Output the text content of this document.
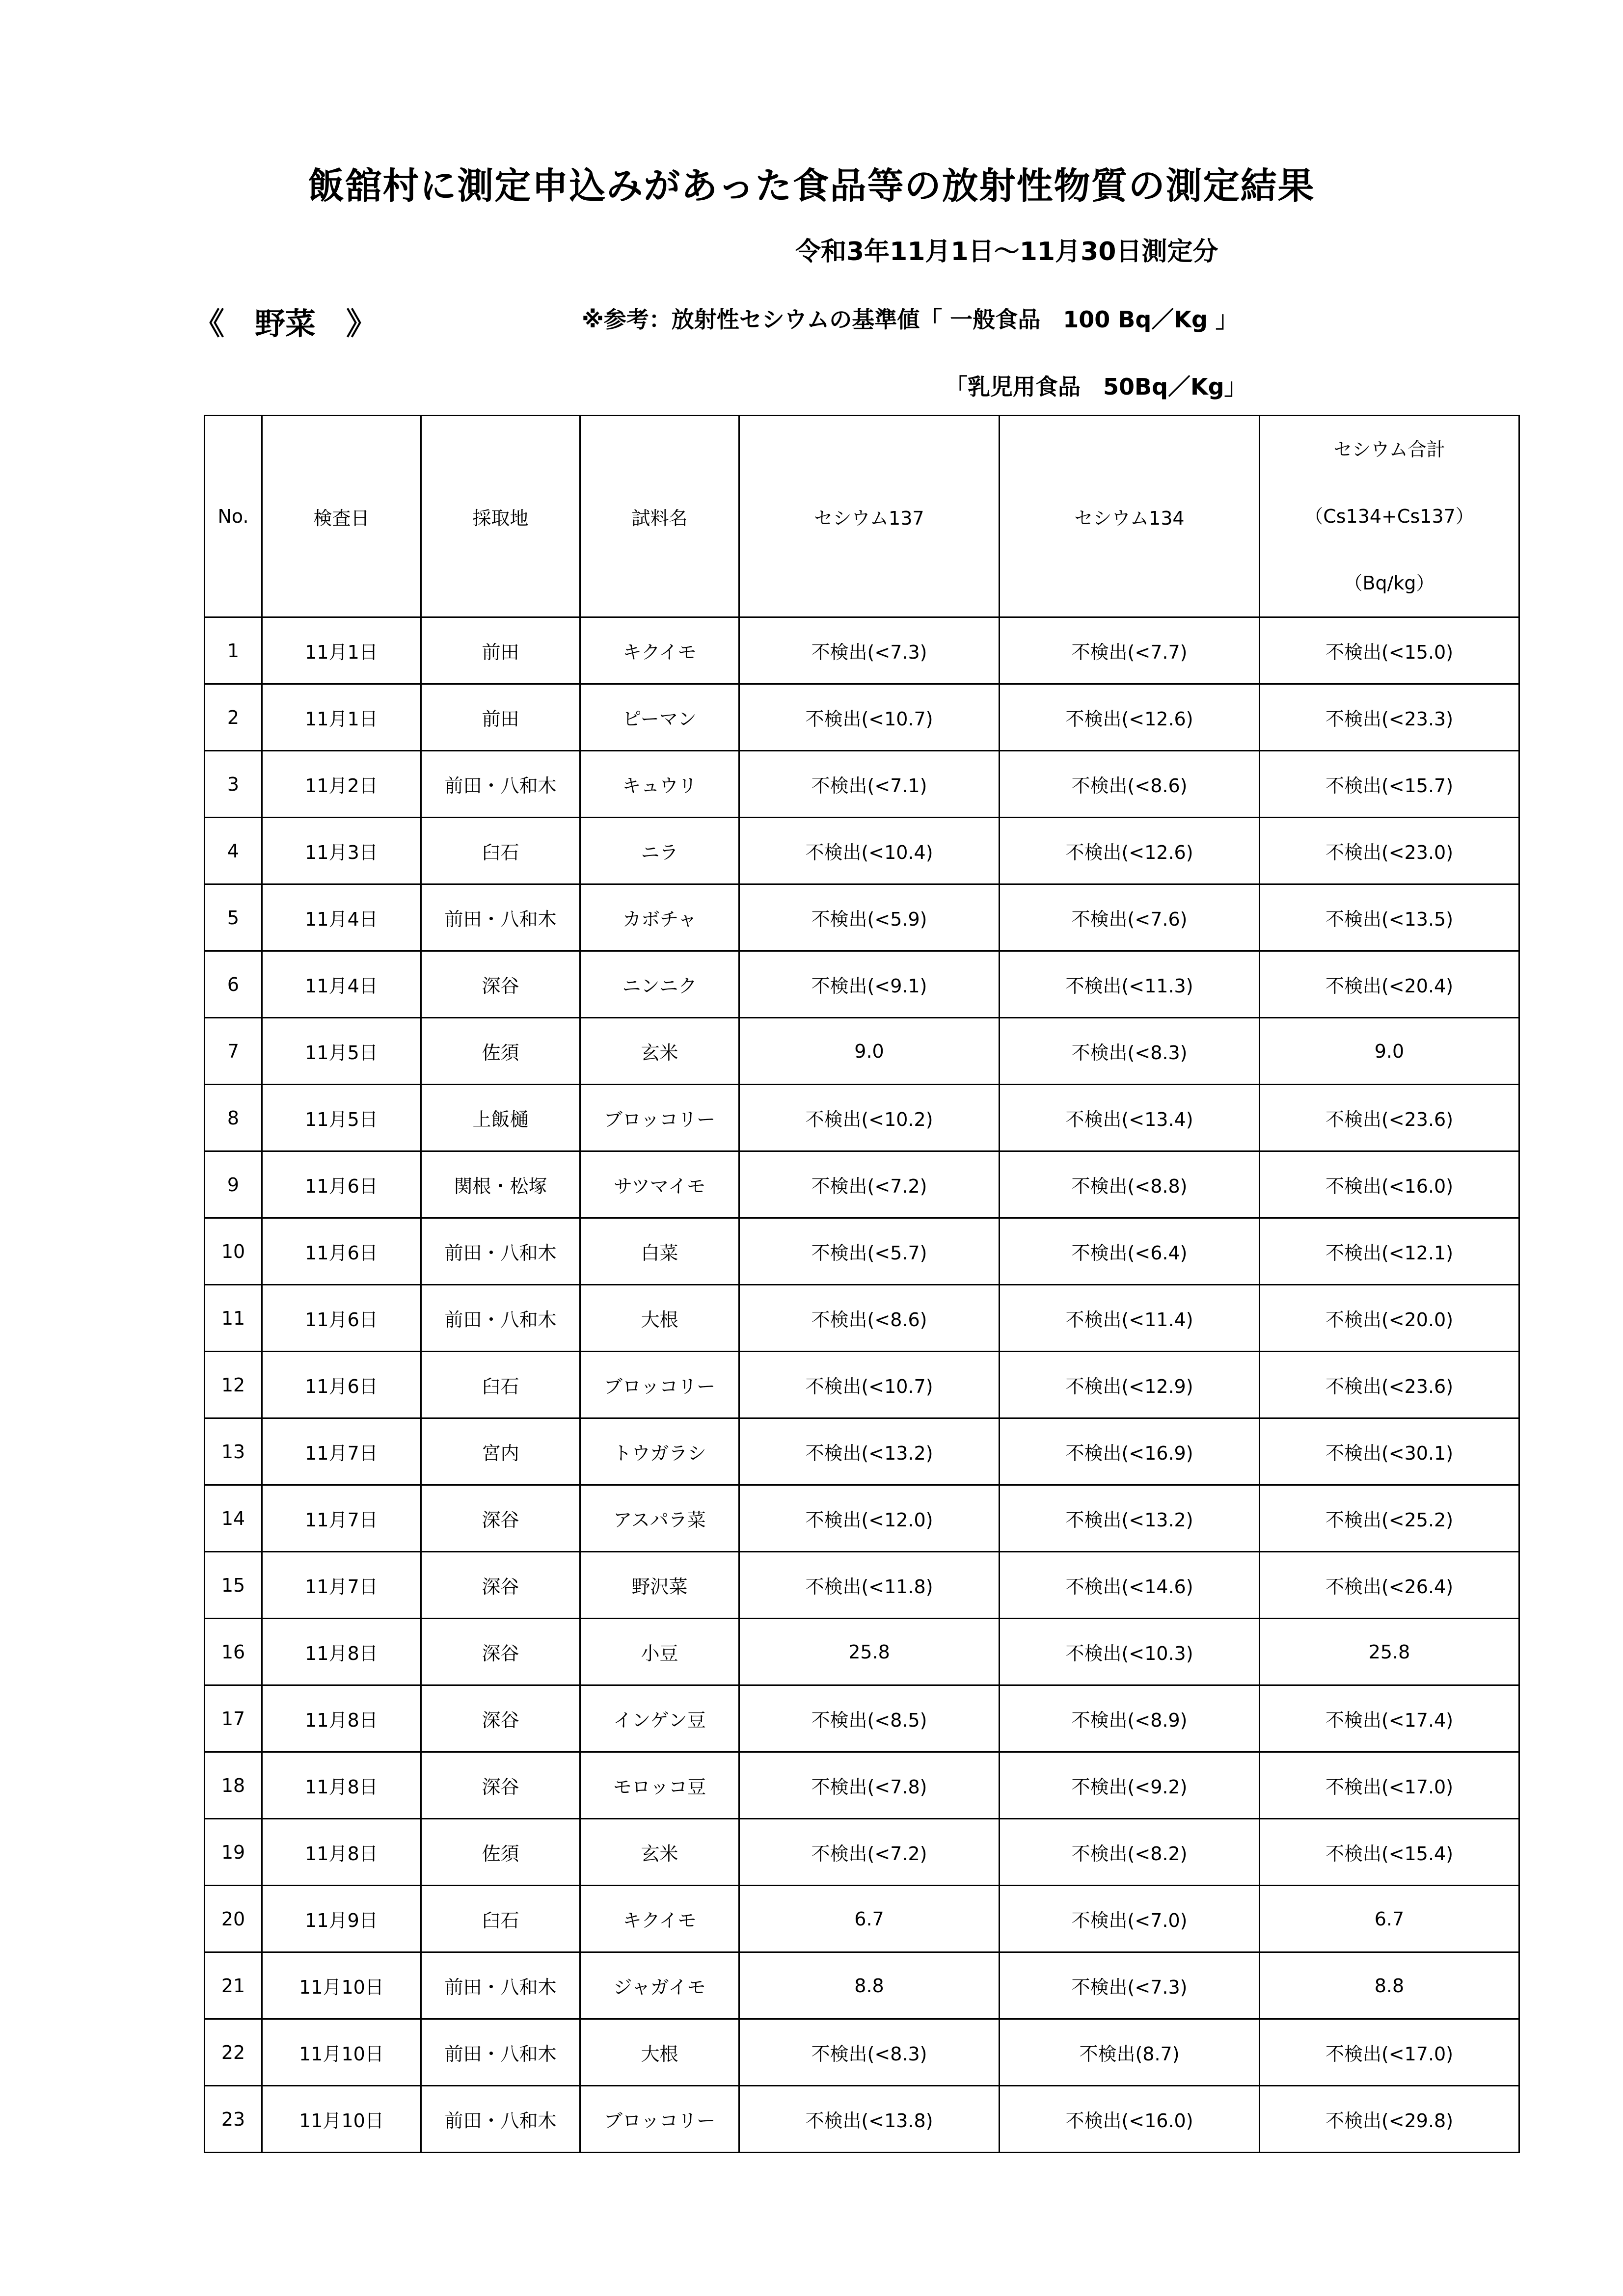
飯舘村に測定申込みがあった食品等の放射性物質の測定結果
令和3年11月1日～11月30日測定分
《　野菜　》	※参考：放射性セシウムの基準値「 一般食品　100 Bq／Kg 」
「乳児用食品　50Bq／Kg」
No.	検査日	採取地	試料名	セシウム137	セシウム134	セシウム合計
（Cs134+Cs137）
（Bq/kg）

1	11月1日	前田	キクイモ	不検出(<7.3)	不検出(<7.7)	不検出(<15.0)
2	11月1日	前田	ピーマン	不検出(<10.7)	不検出(<12.6)	不検出(<23.3)
3	11月2日	前田・八和木	キュウリ	不検出(<7.1)	不検出(<8.6)	不検出(<15.7)
4	11月3日	臼石	ニラ	不検出(<10.4)	不検出(<12.6)	不検出(<23.0)
5	11月4日	前田・八和木	カボチャ	不検出(<5.9)	不検出(<7.6)	不検出(<13.5)
6	11月4日	深谷	ニンニク	不検出(<9.1)	不検出(<11.3)	不検出(<20.4)
7	11月5日	佐須	玄米	9.0	不検出(<8.3)	9.0
8	11月5日	上飯樋	ブロッコリー	不検出(<10.2)	不検出(<13.4)	不検出(<23.6)
9	11月6日	関根・松塚	サツマイモ	不検出(<7.2)	不検出(<8.8)	不検出(<16.0)
10	11月6日	前田・八和木	白菜	不検出(<5.7)	不検出(<6.4)	不検出(<12.1)
11	11月6日	前田・八和木	大根	不検出(<8.6)	不検出(<11.4)	不検出(<20.0)
12	11月6日	臼石	ブロッコリー	不検出(<10.7)	不検出(<12.9)	不検出(<23.6)
13	11月7日	宮内	トウガラシ	不検出(<13.2)	不検出(<16.9)	不検出(<30.1)
14	11月7日	深谷	アスパラ菜	不検出(<12.0)	不検出(<13.2)	不検出(<25.2)
15	11月7日	深谷	野沢菜	不検出(<11.8)	不検出(<14.6)	不検出(<26.4)
16	11月8日	深谷	小豆	25.8	不検出(<10.3)	25.8
17	11月8日	深谷	インゲン豆	不検出(<8.5)	不検出(<8.9)	不検出(<17.4)
18	11月8日	深谷	モロッコ豆	不検出(<7.8)	不検出(<9.2)	不検出(<17.0)
19	11月8日	佐須	玄米	不検出(<7.2)	不検出(<8.2)	不検出(<15.4)
20	11月9日	臼石	キクイモ	6.7	不検出(<7.0)	6.7
21	11月10日	前田・八和木	ジャガイモ	8.8	不検出(<7.3)	8.8
22	11月10日	前田・八和木	大根	不検出(<8.3)	不検出(8.7)	不検出(<17.0)
23	11月10日	前田・八和木	ブロッコリー	不検出(<13.8)	不検出(<16.0)	不検出(<29.8)
